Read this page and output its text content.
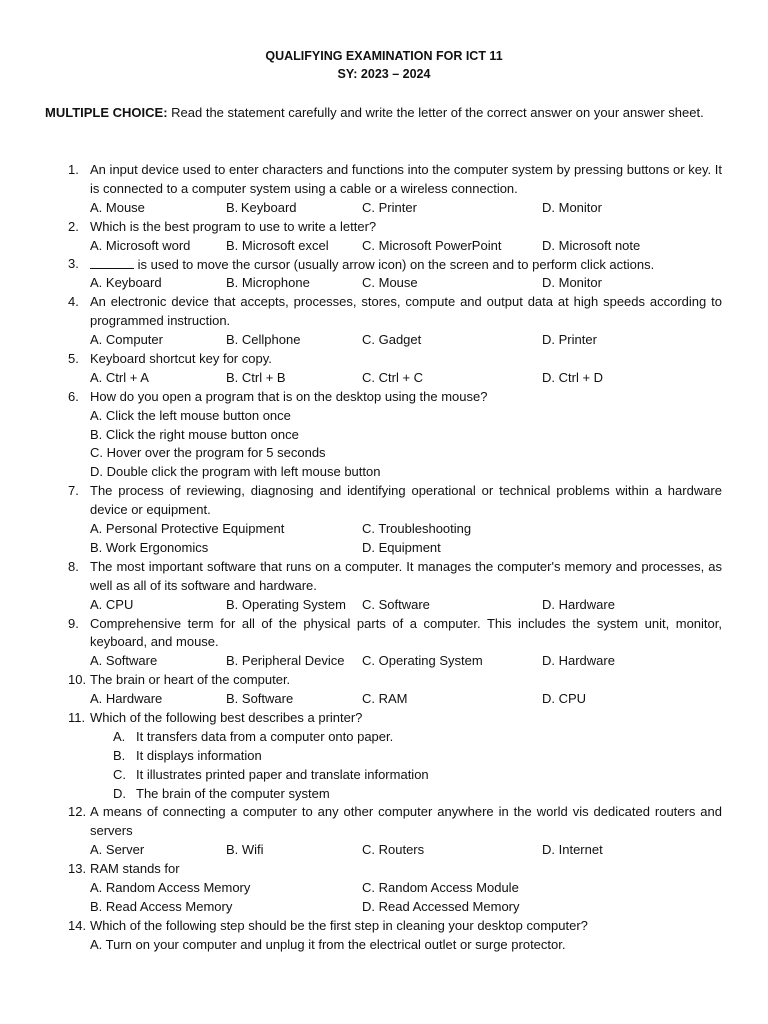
QUALIFYING EXAMINATION FOR ICT 11
SY: 2023 – 2024
MULTIPLE CHOICE: Read the statement carefully and write the letter of the correct answer on your answer sheet.
1. An input device used to enter characters and functions into the computer system by pressing buttons or key. It is connected to a computer system using a cable or a wireless connection.
A. Mouse	B. Keyboard	C. Printer	D. Monitor
2. Which is the best program to use to write a letter?
A. Microsoft word	B. Microsoft excel	C. Microsoft PowerPoint	D. Microsoft note
3.	is used to move the cursor (usually arrow icon) on the screen and to perform click actions.
A. Keyboard	B. Microphone	C. Mouse	D. Monitor
4. An electronic device that accepts, processes, stores, compute and output data at high speeds according to programmed instruction.
A. Computer	B. Cellphone	C. Gadget	D. Printer
5. Keyboard shortcut key for copy.
A. Ctrl + A	B. Ctrl + B	C. Ctrl + C	D. Ctrl + D
6. How do you open a program that is on the desktop using the mouse?
A. Click the left mouse button once
B. Click the right mouse button once
C. Hover over the program for 5 seconds
D. Double click the program with left mouse button
7. The process of reviewing, diagnosing and identifying operational or technical problems within a hardware device or equipment.
A. Personal Protective Equipment	C. Troubleshooting
B. Work Ergonomics	D. Equipment
8. The most important software that runs on a computer. It manages the computer's memory and processes, as well as all of its software and hardware.
A. CPU	B. Operating System C. Software	D. Hardware
9. Comprehensive term for all of the physical parts of a computer. This includes the system unit, monitor, keyboard, and mouse.
A. Software	B. Peripheral Device C. Operating System	D. Hardware
10. The brain or heart of the computer.
A. Hardware	B. Software	C. RAM	D. CPU
11. Which of the following best describes a printer?
A. It transfers data from a computer onto paper.
B. It displays information
C. It illustrates printed paper and translate information
D. The brain of the computer system
12. A means of connecting a computer to any other computer anywhere in the world vis dedicated routers and servers
A. Server	B. Wifi	C. Routers	D. Internet
13. RAM stands for
A. Random Access Memory	C. Random Access Module
B. Read Access Memory	D. Read Accessed Memory
14. Which of the following step should be the first step in cleaning your desktop computer?
A. Turn on your computer and unplug it from the electrical outlet or surge protector.
